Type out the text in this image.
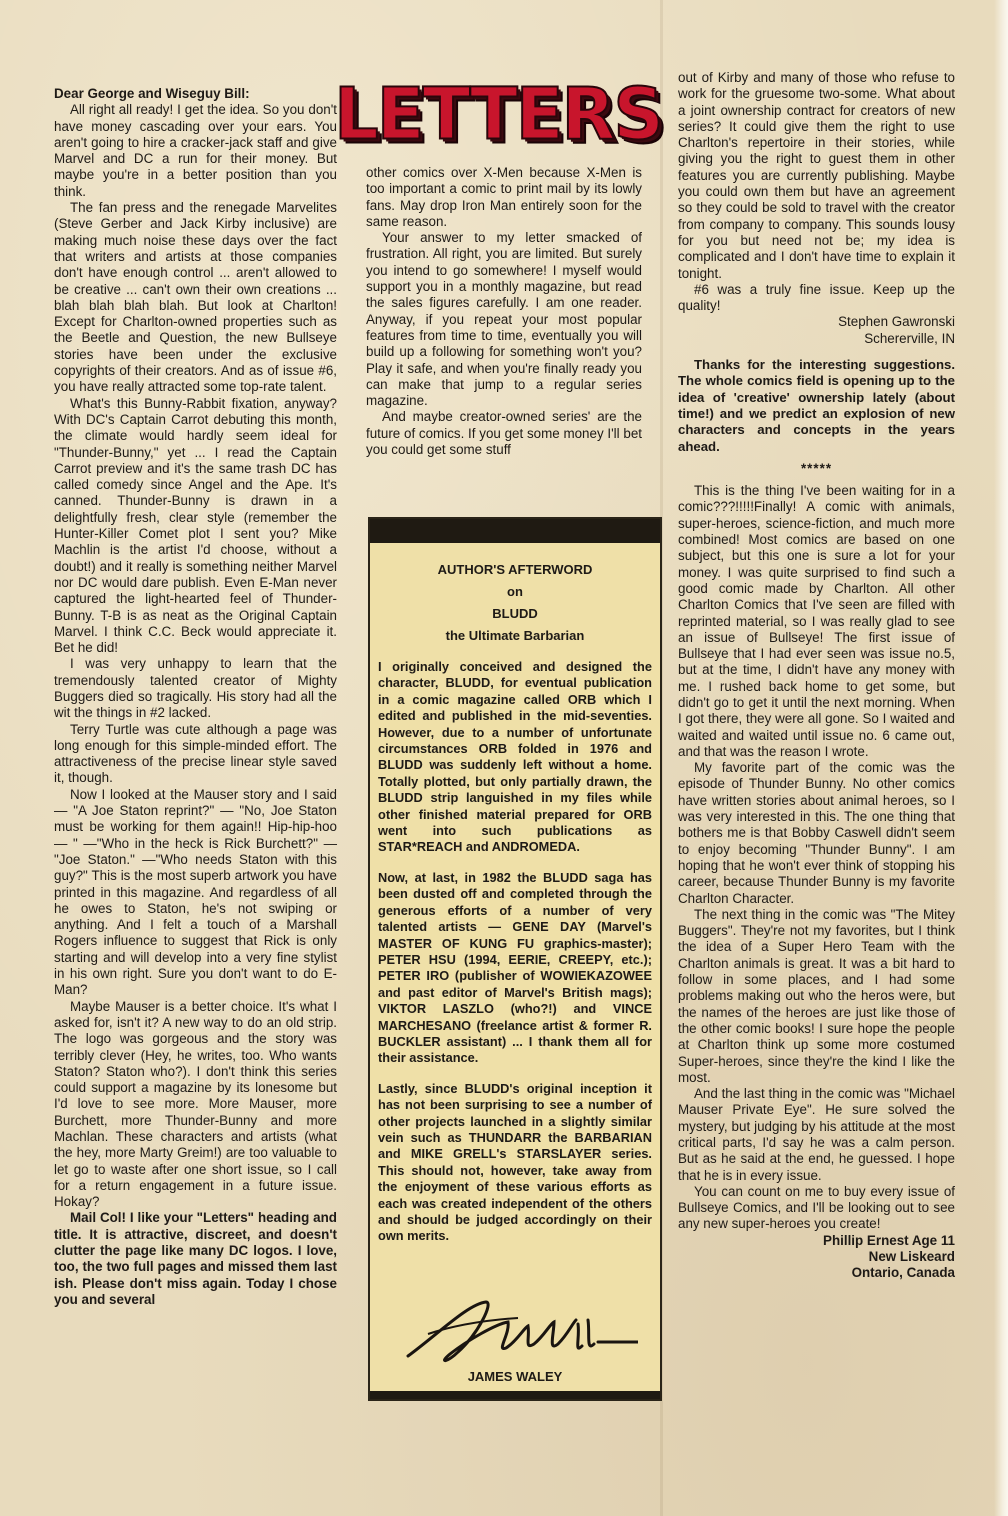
Dear George and Wiseguy Bill:

All right all ready! I get the idea. So you don't have money cascading over your ears. You aren't going to hire a cracker-jack staff and give Marvel and DC a run for their money. But maybe you're in a better position than you think.

The fan press and the renegade Marvelites (Steve Gerber and Jack Kirby inclusive) are making much noise these days over the fact that writers and artists at those companies don't have enough control ... aren't allowed to be creative ... can't own their own creations ... blah blah blah blah. But look at Charlton! Except for Charlton-owned properties such as the Beetle and Question, the new Bullseye stories have been under the exclusive copyrights of their creators. And as of issue #6, you have really attracted some top-rate talent.

What's this Bunny-Rabbit fixation, anyway? With DC's Captain Carrot debuting this month, the climate would hardly seem ideal for "Thunder-Bunny," yet ... I read the Captain Carrot preview and it's the same trash DC has called comedy since Angel and the Ape. It's canned. Thunder-Bunny is drawn in a delightfully fresh, clear style (remember the Hunter-Killer Comet plot I sent you? Mike Machlin is the artist I'd choose, without a doubt!) and it really is something neither Marvel nor DC would dare publish. Even E-Man never captured the light-hearted feel of Thunder-Bunny. T-B is as neat as the Original Captain Marvel. I think C.C. Beck would appreciate it. Bet he did!

I was very unhappy to learn that the tremendously talented creator of Mighty Buggers died so tragically. His story had all the wit the things in #2 lacked.

Terry Turtle was cute although a page was long enough for this simple-minded effort. The attractiveness of the precise linear style saved it, though.

Now I looked at the Mauser story and I said — "A Joe Staton reprint?" — "No, Joe Staton must be working for them again!! Hip-hip-hoo — " —"Who in the heck is Rick Burchett?" — "Joe Staton." —"Who needs Staton with this guy?" This is the most superb artwork you have printed in this magazine. And regardless of all he owes to Staton, he's not swiping or anything. And I felt a touch of a Marshall Rogers influence to suggest that Rick is only starting and will develop into a very fine stylist in his own right. Sure you don't want to do E-Man?

Maybe Mauser is a better choice. It's what I asked for, isn't it? A new way to do an old strip. The logo was gorgeous and the story was terribly clever (Hey, he writes, too. Who wants Staton? Staton who?). I don't think this series could support a magazine by its lonesome but I'd love to see more. More Mauser, more Burchett, more Thunder-Bunny and more Machlan. These characters and artists (what the hey, more Marty Greim!) are too valuable to let go to waste after one short issue, so I call for a return engagement in a future issue. Hokay?

Mail Col! I like your "Letters" heading and title. It is attractive, discreet, and doesn't clutter the page like many DC logos. I love, too, the two full pages and missed them last ish. Please don't miss again. Today I chose you and several

LETTERS

other comics over X-Men because X-Men is too important a comic to print mail by its lowly fans. May drop Iron Man entirely soon for the same reason.

Your answer to my letter smacked of frustration. All right, you are limited. But surely you intend to go somewhere! I myself would support you in a monthly magazine, but read the sales figures carefully. I am one reader. Anyway, if you repeat your most popular features from time to time, eventually you will build up a following for something won't you? Play it safe, and when you're finally ready you can make that jump to a regular series magazine.

And maybe creator-owned series' are the future of comics. If you get some money I'll bet you could get some stuff

AUTHOR'S AFTERWORD
on
BLUDD
the Ultimate Barbarian

I originally conceived and designed the character, BLUDD, for eventual publication in a comic magazine called ORB which I edited and published in the mid-seventies. However, due to a number of unfortunate circumstances ORB folded in 1976 and BLUDD was suddenly left without a home. Totally plotted, but only partially drawn, the BLUDD strip languished in my files while other finished material prepared for ORB went into such publications as STAR*REACH and ANDROMEDA.

Now, at last, in 1982 the BLUDD saga has been dusted off and completed through the generous efforts of a number of very talented artists — GENE DAY (Marvel's MASTER OF KUNG FU graphics-master); PETER HSU (1994, EERIE, CREEPY, etc.); PETER IRO (publisher of WOWIEKAZOWEE and past editor of Marvel's British mags); VIKTOR LASZLO (who?!) and VINCE MARCHESANO (freelance artist & former R. BUCKLER assistant) ... I thank them all for their assistance.

Lastly, since BLUDD's original inception it has not been surprising to see a number of other projects launched in a slightly similar vein such as THUNDARR the BARBARIAN and MIKE GRELL's STARSLAYER series. This should not, however, take away from the enjoyment of these various efforts as each was created independent of the others and should be judged accordingly on their own merits.

JAMES WALEY

out of Kirby and many of those who refuse to work for the gruesome two-some. What about a joint ownership contract for creators of new series? It could give them the right to use Charlton's repertoire in their stories, while giving you the right to guest them in other features you are currently publishing. Maybe you could own them but have an agreement so they could be sold to travel with the creator from company to company. This sounds lousy for you but need not be; my idea is complicated and I don't have time to explain it tonight.

#6 was a truly fine issue. Keep up the quality!

Stephen Gawronski

Schererville, IN

Thanks for the interesting suggestions. The whole comics field is opening up to the idea of 'creative' ownership lately (about time!) and we predict an explosion of new characters and concepts in the years ahead.

*****

This is the thing I've been waiting for in a comic???!!!!!Finally! A comic with animals, super-heroes, science-fiction, and much more combined! Most comics are based on one subject, but this one is sure a lot for your money. I was quite surprised to find such a good comic made by Charlton. All other Charlton Comics that I've seen are filled with reprinted material, so I was really glad to see an issue of Bullseye! The first issue of Bullseye that I had ever seen was issue no.5, but at the time, I didn't have any money with me. I rushed back home to get some, but didn't go to get it until the next morning. When I got there, they were all gone. So I waited and waited and waited until issue no. 6 came out, and that was the reason I wrote.

My favorite part of the comic was the episode of Thunder Bunny. No other comics have written stories about animal heroes, so I was very interested in this. The one thing that bothers me is that Bobby Caswell didn't seem to enjoy becoming "Thunder Bunny". I am hoping that he won't ever think of stopping his career, because Thunder Bunny is my favorite Charlton Character.

The next thing in the comic was "The Mitey Buggers". They're not my favorites, but I think the idea of a Super Hero Team with the Charlton animals is great. It was a bit hard to follow in some places, and I had some problems making out who the heros were, but the names of the heroes are just like those of the other comic books! I sure hope the people at Charlton think up some more costumed Super-heroes, since they're the kind I like the most.

And the last thing in the comic was "Michael Mauser Private Eye". He sure solved the mystery, but judging by his attitude at the most critical parts, I'd say he was a calm person. But as he said at the end, he guessed. I hope that he is in every issue.

You can count on me to buy every issue of Bullseye Comics, and I'll be looking out to see any new super-heroes you create!

Phillip Ernest Age 11

New Liskeard

Ontario, Canada
